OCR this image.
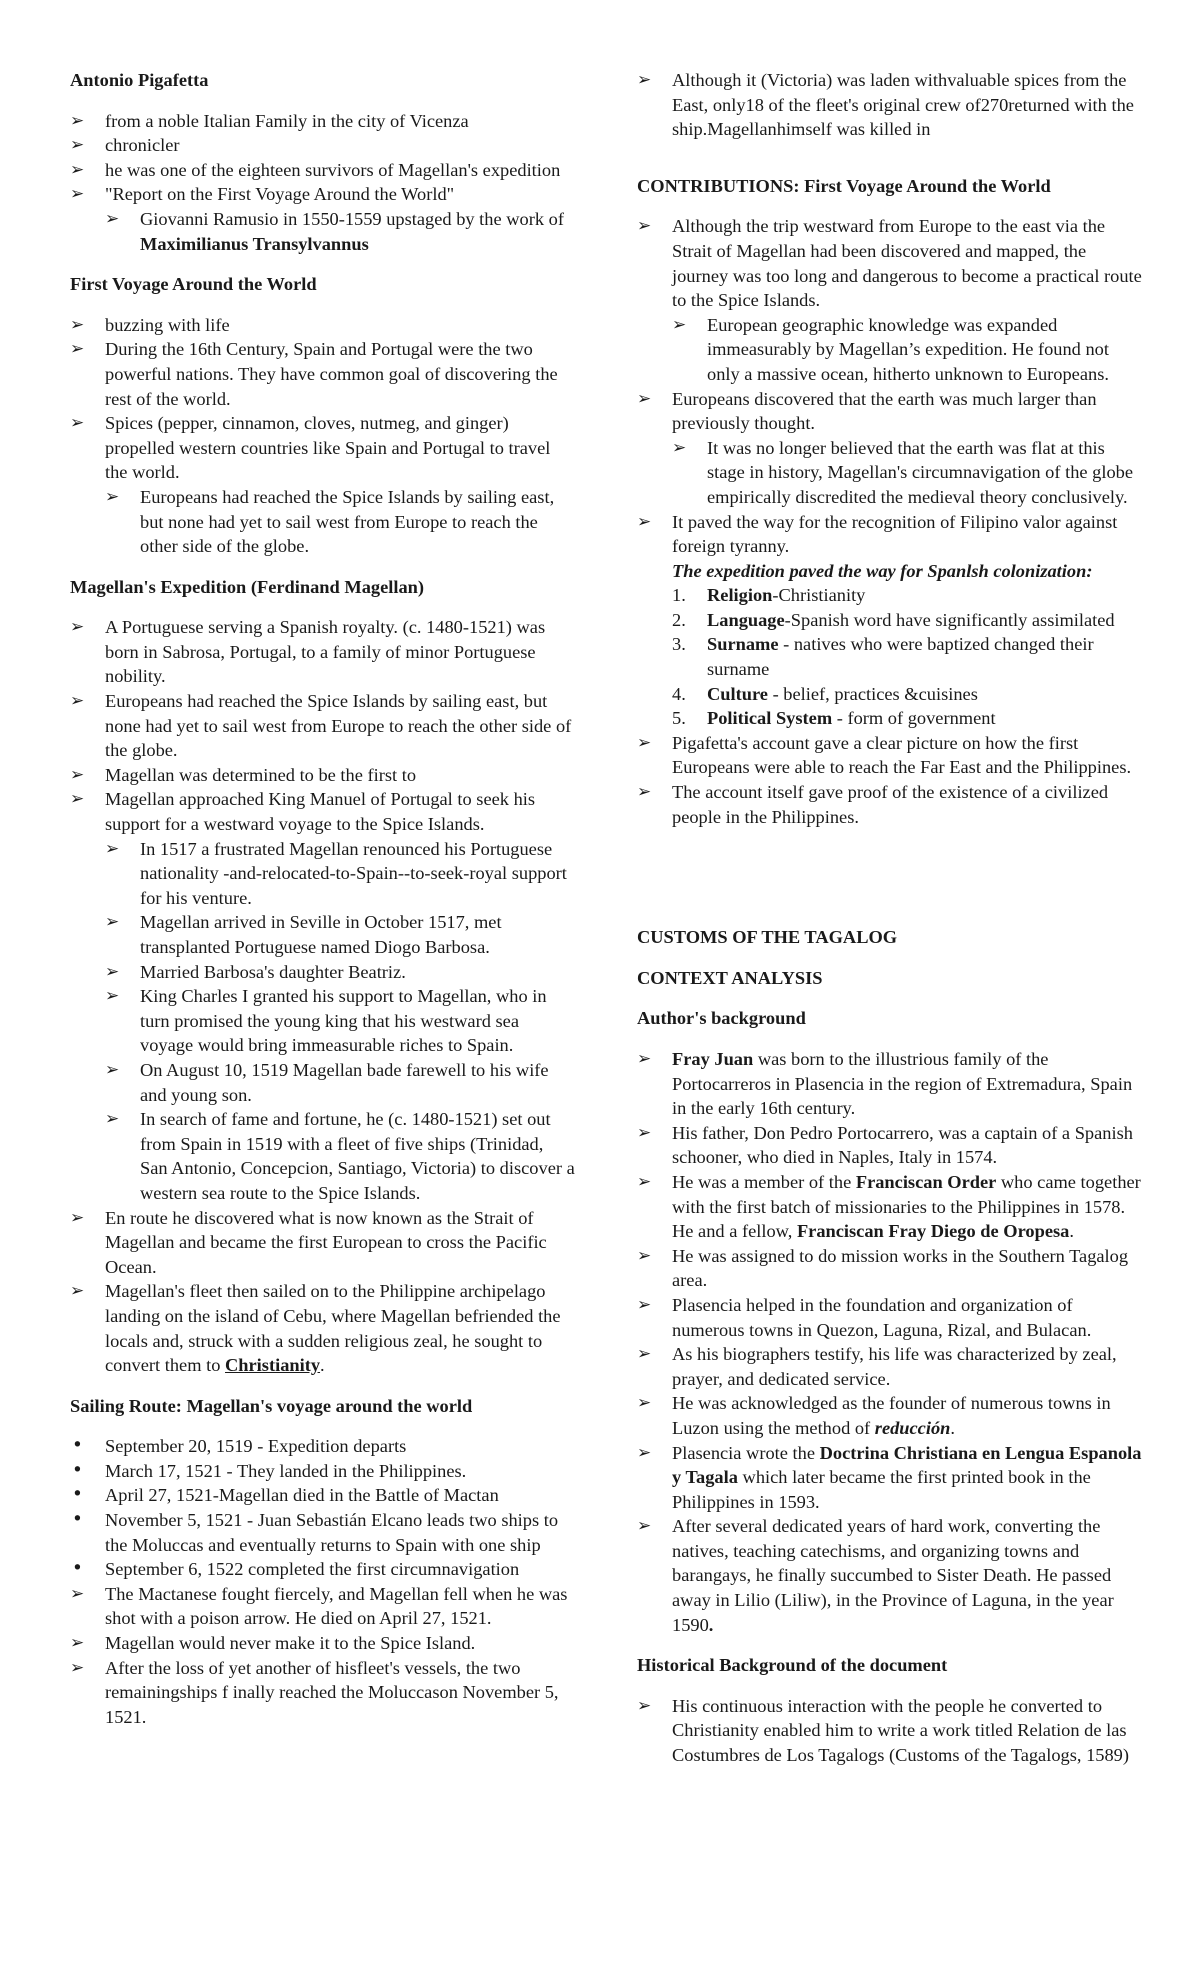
Antonio Pigafetta

➢ from a noble Italian Family in the city of Vicenza
➢ chronicler
➢ he was one of the eighteen survivors of Magellan's expedition
➢ "Report on the First Voyage Around the World"
➢ Giovanni Ramusio in 1550-1559 upstaged by the work of Maximilianus Transylvannus

First Voyage Around the World

➢ buzzing with life
➢ During the 16th Century, Spain and Portugal were the two powerful nations. They have common goal of discovering the rest of the world.
➢ Spices (pepper, cinnamon, cloves, nutmeg, and ginger) propelled western countries like Spain and Portugal to travel the world.
➢ Europeans had reached the Spice Islands by sailing east, but none had yet to sail west from Europe to reach the other side of the globe.

Magellan's Expedition (Ferdinand Magellan)

➢ A Portuguese serving a Spanish royalty. (c. 1480-1521) was born in Sabrosa, Portugal, to a family of minor Portuguese nobility.
➢ Europeans had reached the Spice Islands by sailing east, but none had yet to sail west from Europe to reach the other side of the globe.
➢ Magellan was determined to be the first to
➢ Magellan approached King Manuel of Portugal to seek his support for a westward voyage to the Spice Islands.
➢ In 1517 a frustrated Magellan renounced his Portuguese nationality -and-relocated-to-Spain--to-seek-royal support for his venture.
➢ Magellan arrived in Seville in October 1517, met transplanted Portuguese named Diogo Barbosa.
➢ Married Barbosa's daughter Beatriz.
➢ King Charles I granted his support to Magellan, who in turn promised the young king that his westward sea voyage would bring immeasurable riches to Spain.
➢ On August 10, 1519 Magellan bade farewell to his wife and young son.
➢ In search of fame and fortune, he (c. 1480-1521) set out from Spain in 1519 with a fleet of five ships (Trinidad, San Antonio, Concepcion, Santiago, Victoria) to discover a western sea route to the Spice Islands.
➢ En route he discovered what is now known as the Strait of Magellan and became the first European to cross the Pacific Ocean.
➢ Magellan's fleet then sailed on to the Philippine archipelago landing on the island of Cebu, where Magellan befriended the locals and, struck with a sudden religious zeal, he sought to convert them to Christianity.

Sailing Route: Magellan's voyage around the world

• September 20, 1519 - Expedition departs
• March 17, 1521 - They landed in the Philippines.
• April 27, 1521-Magellan died in the Battle of Mactan
• November 5, 1521 - Juan Sebastián Elcano leads two ships to the Moluccas and eventually returns to Spain with one ship
• September 6, 1522 completed the first circumnavigation
➢ The Mactanese fought fiercely, and Magellan fell when he was shot with a poison arrow. He died on April 27, 1521.
➢ Magellan would never make it to the Spice Island.
➢ After the loss of yet another of hisfleet's vessels, the two remainingships f inally reached the Moluccason November 5, 1521.
➢ Although it (Victoria) was laden withvaluable spices from the East, only18 of the fleet's original crew of270returned with the ship.Magellanhimself was killed in

CONTRIBUTIONS: First Voyage Around the World

➢ Although the trip westward from Europe to the east via the Strait of Magellan had been discovered and mapped, the journey was too long and dangerous to become a practical route to the Spice Islands.
➢ European geographic knowledge was expanded immeasurably by Magellan’s expedition. He found not only a massive ocean, hitherto unknown to Europeans.
➢ Europeans discovered that the earth was much larger than previously thought.
➢ It was no longer believed that the earth was flat at this stage in history, Magellan's circumnavigation of the globe empirically discredited the medieval theory conclusively.
➢ It paved the way for the recognition of Filipino valor against foreign tyranny.
The expedition paved the way for Spanlsh colonization:
1. Religion-Christianity
2. Language-Spanish word have significantly assimilated
3. Surname - natives who were baptized changed their surname
4. Culture - belief, practices &cuisines
5. Political System - form of government
➢ Pigafetta's account gave a clear picture on how the first Europeans were able to reach the Far East and the Philippines.
➢ The account itself gave proof of the existence of a civilized people in the Philippines.

CUSTOMS OF THE TAGALOG

CONTEXT ANALYSIS

Author's background

➢ Fray Juan was born to the illustrious family of the Portocarreros in Plasencia in the region of Extremadura, Spain in the early 16th century.
➢ His father, Don Pedro Portocarrero, was a captain of a Spanish schooner, who died in Naples, Italy in 1574.
➢ He was a member of the Franciscan Order who came together with the first batch of missionaries to the Philippines in 1578. He and a fellow, Franciscan Fray Diego de Oropesa.
➢ He was assigned to do mission works in the Southern Tagalog area.
➢ Plasencia helped in the foundation and organization of numerous towns in Quezon, Laguna, Rizal, and Bulacan.
➢ As his biographers testify, his life was characterized by zeal, prayer, and dedicated service.
➢ He was acknowledged as the founder of numerous towns in Luzon using the method of reducción.
➢ Plasencia wrote the Doctrina Christiana en Lengua Espanola y Tagala which later became the first printed book in the Philippines in 1593.
➢ After several dedicated years of hard work, converting the natives, teaching catechisms, and organizing towns and barangays, he finally succumbed to Sister Death. He passed away in Lilio (Liliw), in the Province of Laguna, in the year 1590.

Historical Background of the document

➢ His continuous interaction with the people he converted to Christianity enabled him to write a work titled Relation de las Costumbres de Los Tagalogs (Customs of the Tagalogs, 1589)
